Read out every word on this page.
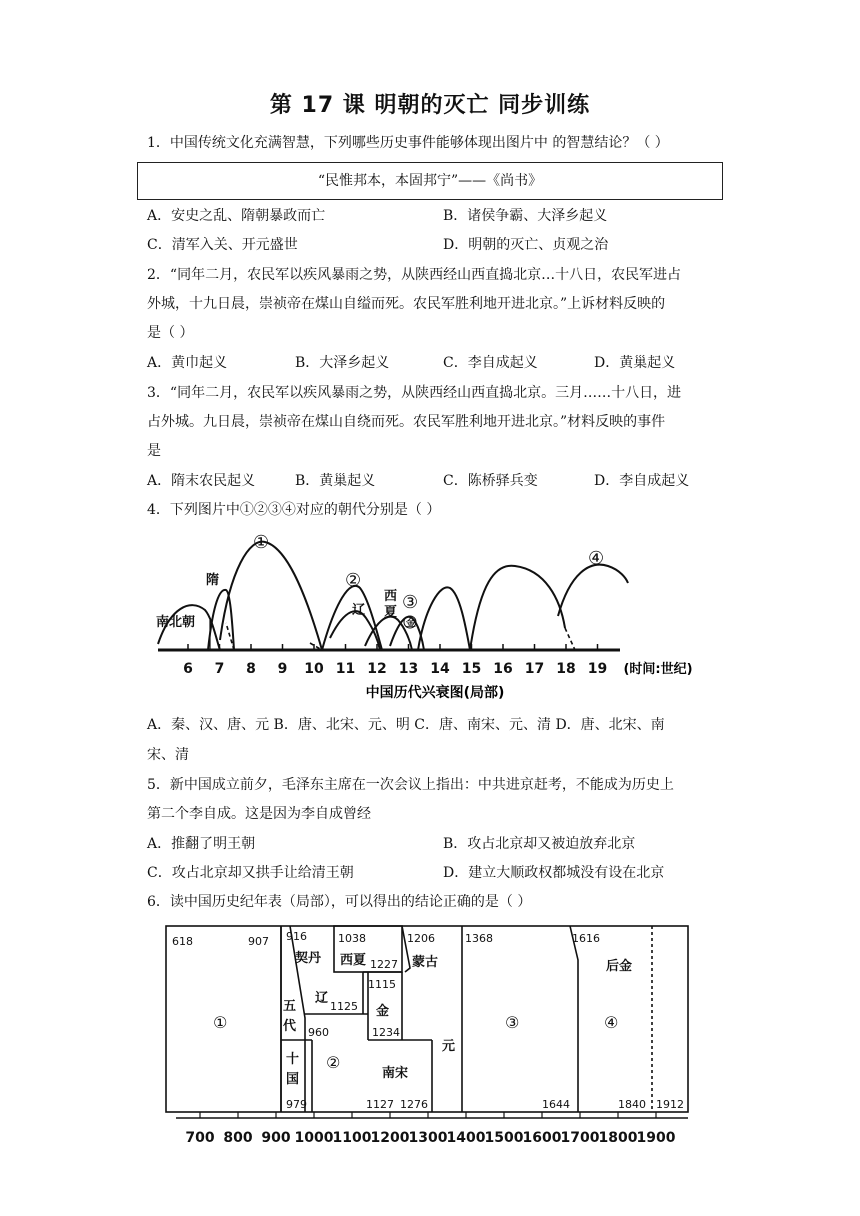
第 17 课 明朝的灭亡 同步训练
1．中国传统文化充满智慧，下列哪些历史事件能够体现出图片中 的智慧结论？（ ）
“民惟邦本，本固邦宁”——《尚书》
A．安史之乱、隋朝暴政而亡	B．诸侯争霸、大泽乡起义
C．清军入关、开元盛世	D．明朝的灭亡、贞观之治
2．“同年二月，农民军以疾风暴雨之势，从陕西经山西直捣北京…十八日，农民军进占
外城，十九日晨，崇祯帝在煤山自缢而死。农民军胜利地开进北京。”上诉材料反映的
是（ ）
A．黄巾起义	B．大泽乡起义	C．李自成起义	D．黄巢起义
3．“同年二月，农民军以疾风暴雨之势，从陕西经山西直捣北京。三月……十八日，进
占外城。九日晨，崇祯帝在煤山自绕而死。农民军胜利地开进北京。”材料反映的事件
是
A．隋末农民起义	B．黄巢起义	C．陈桥驿兵变	D．李自成起义
4．下列图片中①②③④对应的朝代分别是（ ）
6 7 8 9 10 11 12 13 14 15 16 17 18 19 (时间:世纪)
中国历代兴衰图(局部)
南北朝
隋
辽
西
夏
金
①
②
③
④
A．秦、汉、唐、元 B．唐、北宋、元、明 C．唐、南宋、元、清 D．唐、北宋、南
宋、清
5．新中国成立前夕，毛泽东主席在一次会议上指出：中共进京赶考，不能成为历史上
第二个李自成。这是因为李自成曾经
A．推翻了明王朝	B．攻占北京却又被迫放弃北京
C．攻占北京却又拱手让给清王朝	D．建立大顺政权都城没有设在北京
6．读中国历史纪年表（局部），可以得出的结论正确的是（ ）
618	907 916	1038	1206	1368	1616
1227
1115
1125
960	1234
979	1127 1276	1644	1840 1912
契丹 西夏	蒙古
辽
金
五
代
十
国	南宋
元
后金
①
②
③	④
700 800 900 1000 1100 1200 1300 1400 1500 1600 1700 1800 1900
